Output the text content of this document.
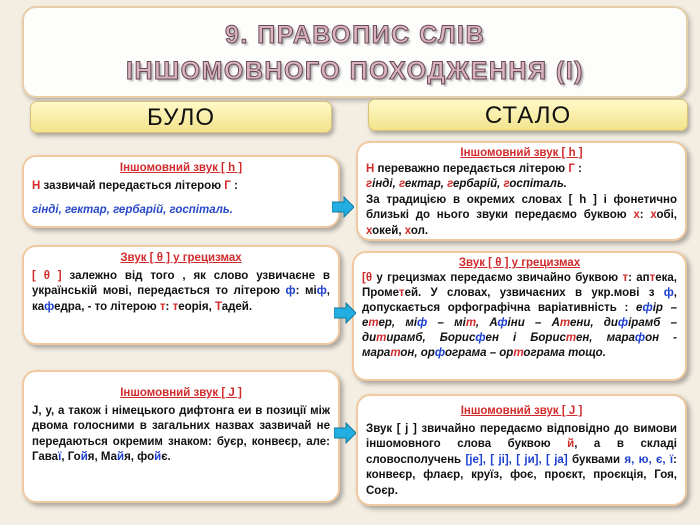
9. ПРАВОПИС СЛІВ
ІНШОМОВНОГО ПОХОДЖЕННЯ (І)
БУЛО	СТАЛО
Іншомовний звук [ h ]
Н зазвичай передається літерою Г :
гінді, гектар, гербарій, госпіталь.
Іншомовний звук [ h ]
Н переважно передається літерою Г :
гінді, гектар, гербарій, госпіталь.
За традицією в окремих словах [ h ] і фонетично близькі до нього звуки передаємо буквою х: хобі, хокей, хол.
Звук [ θ ] у грецизмах
[ θ ] залежно від того , як слово узвичаєне в українській мові, передається то літерою ф: міф, кафедра, - то літерою т: теорія, Тадей.
Звук [ θ ] у грецизмах
[θ у грецизмах передаємо звичайно буквою т: аптека, Прометей. У словах, узвичаєних в укр.мові з ф, допускається орфографічна варіативність : ефір – етер, міф – міт, Афіни – Атени, дифірамб – дитирамб, Бориcфен і Бористен, марафон - маратон, орфограма – ортограма тощо.
Іншомовний звук [ J ]
J, y, а також і німецького дифтонга еи в позиції між двома голосними в загальних назвах зазвичай не передаються окремим знаком: буєр, конвеєр, але: Гаваї, Гойя, Майя, фойє.
Іншомовний звук [ J ]
Звук [ j ] звичайно передаємо відповідно до вимови іншомовного слова буквою й, а в складі словосполучень [jе], [ ji], [ jи], [ jа] буквами я, ю, є, ї: конвеєр, флаєр, круїз, фоє, проєкт, проєкція, Гоя, Соєр.
